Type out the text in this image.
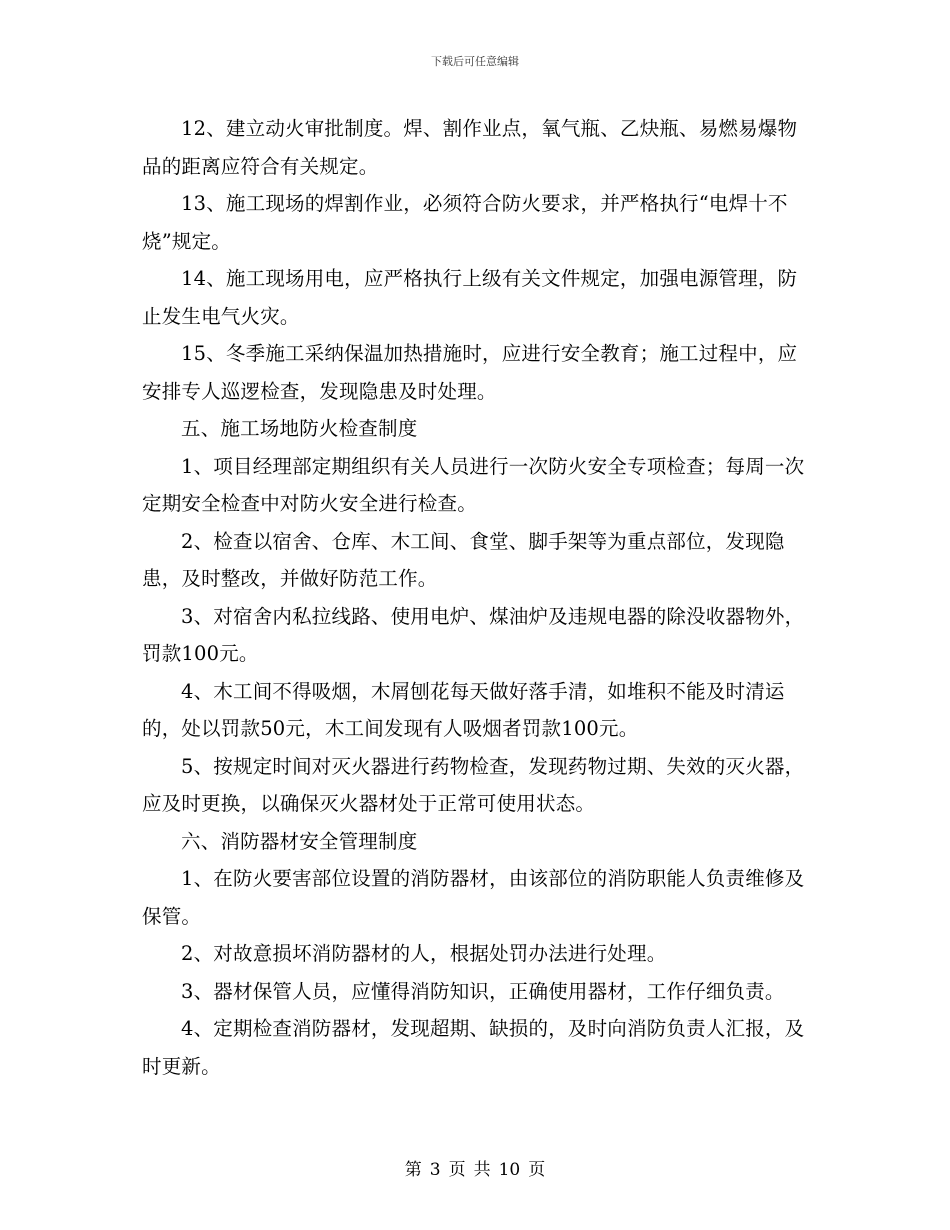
下载后可任意编辑

12、建立动火审批制度。焊、割作业点，氧气瓶、乙炔瓶、易燃易爆物品的距离应符合有关规定。

13、施工现场的焊割作业，必须符合防火要求，并严格执行“电焊十不烧”规定。

14、施工现场用电，应严格执行上级有关文件规定，加强电源管理，防止发生电气火灾。

15、冬季施工采纳保温加热措施时，应进行安全教育；施工过程中，应安排专人巡逻检查，发现隐患及时处理。

五、施工场地防火检查制度

1、项目经理部定期组织有关人员进行一次防火安全专项检查；每周一次定期安全检查中对防火安全进行检查。

2、检查以宿舍、仓库、木工间、食堂、脚手架等为重点部位，发现隐患，及时整改，并做好防范工作。

3、对宿舍内私拉线路、使用电炉、煤油炉及违规电器的除没收器物外，罚款100元。

4、木工间不得吸烟，木屑刨花每天做好落手清，如堆积不能及时清运的，处以罚款50元，木工间发现有人吸烟者罚款100元。

5、按规定时间对灭火器进行药物检查，发现药物过期、失效的灭火器，应及时更换，以确保灭火器材处于正常可使用状态。

六、消防器材安全管理制度

1、在防火要害部位设置的消防器材，由该部位的消防职能人负责维修及保管。

2、对故意损坏消防器材的人，根据处罚办法进行处理。

3、器材保管人员，应懂得消防知识，正确使用器材，工作仔细负责。

4、定期检查消防器材，发现超期、缺损的，及时向消防负责人汇报，及时更新。

第 3 页 共 10 页
